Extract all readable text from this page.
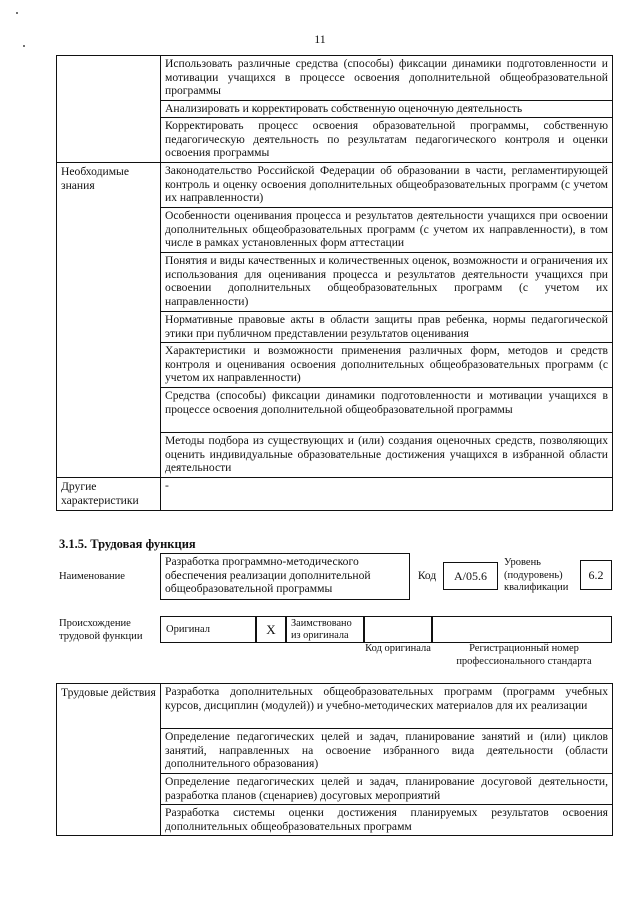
11
	Использовать различные средства (способы) фиксации динамики подготовленности и мотивации учащихся в процессе освоения дополнительной общеобразовательной программы
	Анализировать и корректировать собственную оценочную деятельность
	Корректировать процесс освоения образовательной программы, собственную педагогическую деятельность по результатам педагогического контроля и оценки освоения программы
Необходимые знания	Законодательство Российской Федерации об образовании в части, регламентирующей контроль и оценку освоения дополнительных общеобразовательных программ (с учетом их направленности)
	Особенности оценивания процесса и результатов деятельности учащихся при освоении дополнительных общеобразовательных программ (с учетом их направленности), в том числе в рамках установленных форм аттестации
	Понятия и виды качественных и количественных оценок, возможности и ограничения их использования для оценивания процесса и результатов деятельности учащихся при освоении дополнительных общеобразовательных программ (с учетом их направленности)
	Нормативные правовые акты в области защиты прав ребенка, нормы педагогической этики при публичном представлении результатов оценивания
	Характеристики и возможности применения различных форм, методов и средств контроля и оценивания освоения дополнительных общеобразовательных программ (с учетом их направленности)
	Средства (способы) фиксации динамики подготовленности и мотивации учащихся в процессе освоения дополнительной общеобразовательной программы
	Методы подбора из существующих и (или) создания оценочных средств, позволяющих оценить индивидуальные образовательные достижения учащихся в избранной области деятельности
Другие характеристики	-
3.1.5. Трудовая функция
Наименование
Разработка программно-методического обеспечения реализации дополнительной общеобразовательной программы
Код	А/05.6
Уровень (подуровень) квалификации
6.2
Происхождение трудовой функции
Оригинал	X	Заимствовано из оригинала
Код оригинала	Регистрационный номер профессионального стандарта
Трудовые действия	Разработка дополнительных общеобразовательных программ (программ учебных курсов, дисциплин (модулей)) и учебно-методических материалов для их реализации
Определение педагогических целей и задач, планирование занятий и (или) циклов занятий, направленных на освоение избранного вида деятельности (области дополнительного образования)
Определение педагогических целей и задач, планирование досуговой деятельности, разработка планов (сценариев) досуговых мероприятий
Разработка системы оценки достижения планируемых результатов освоения дополнительных общеобразовательных программ
